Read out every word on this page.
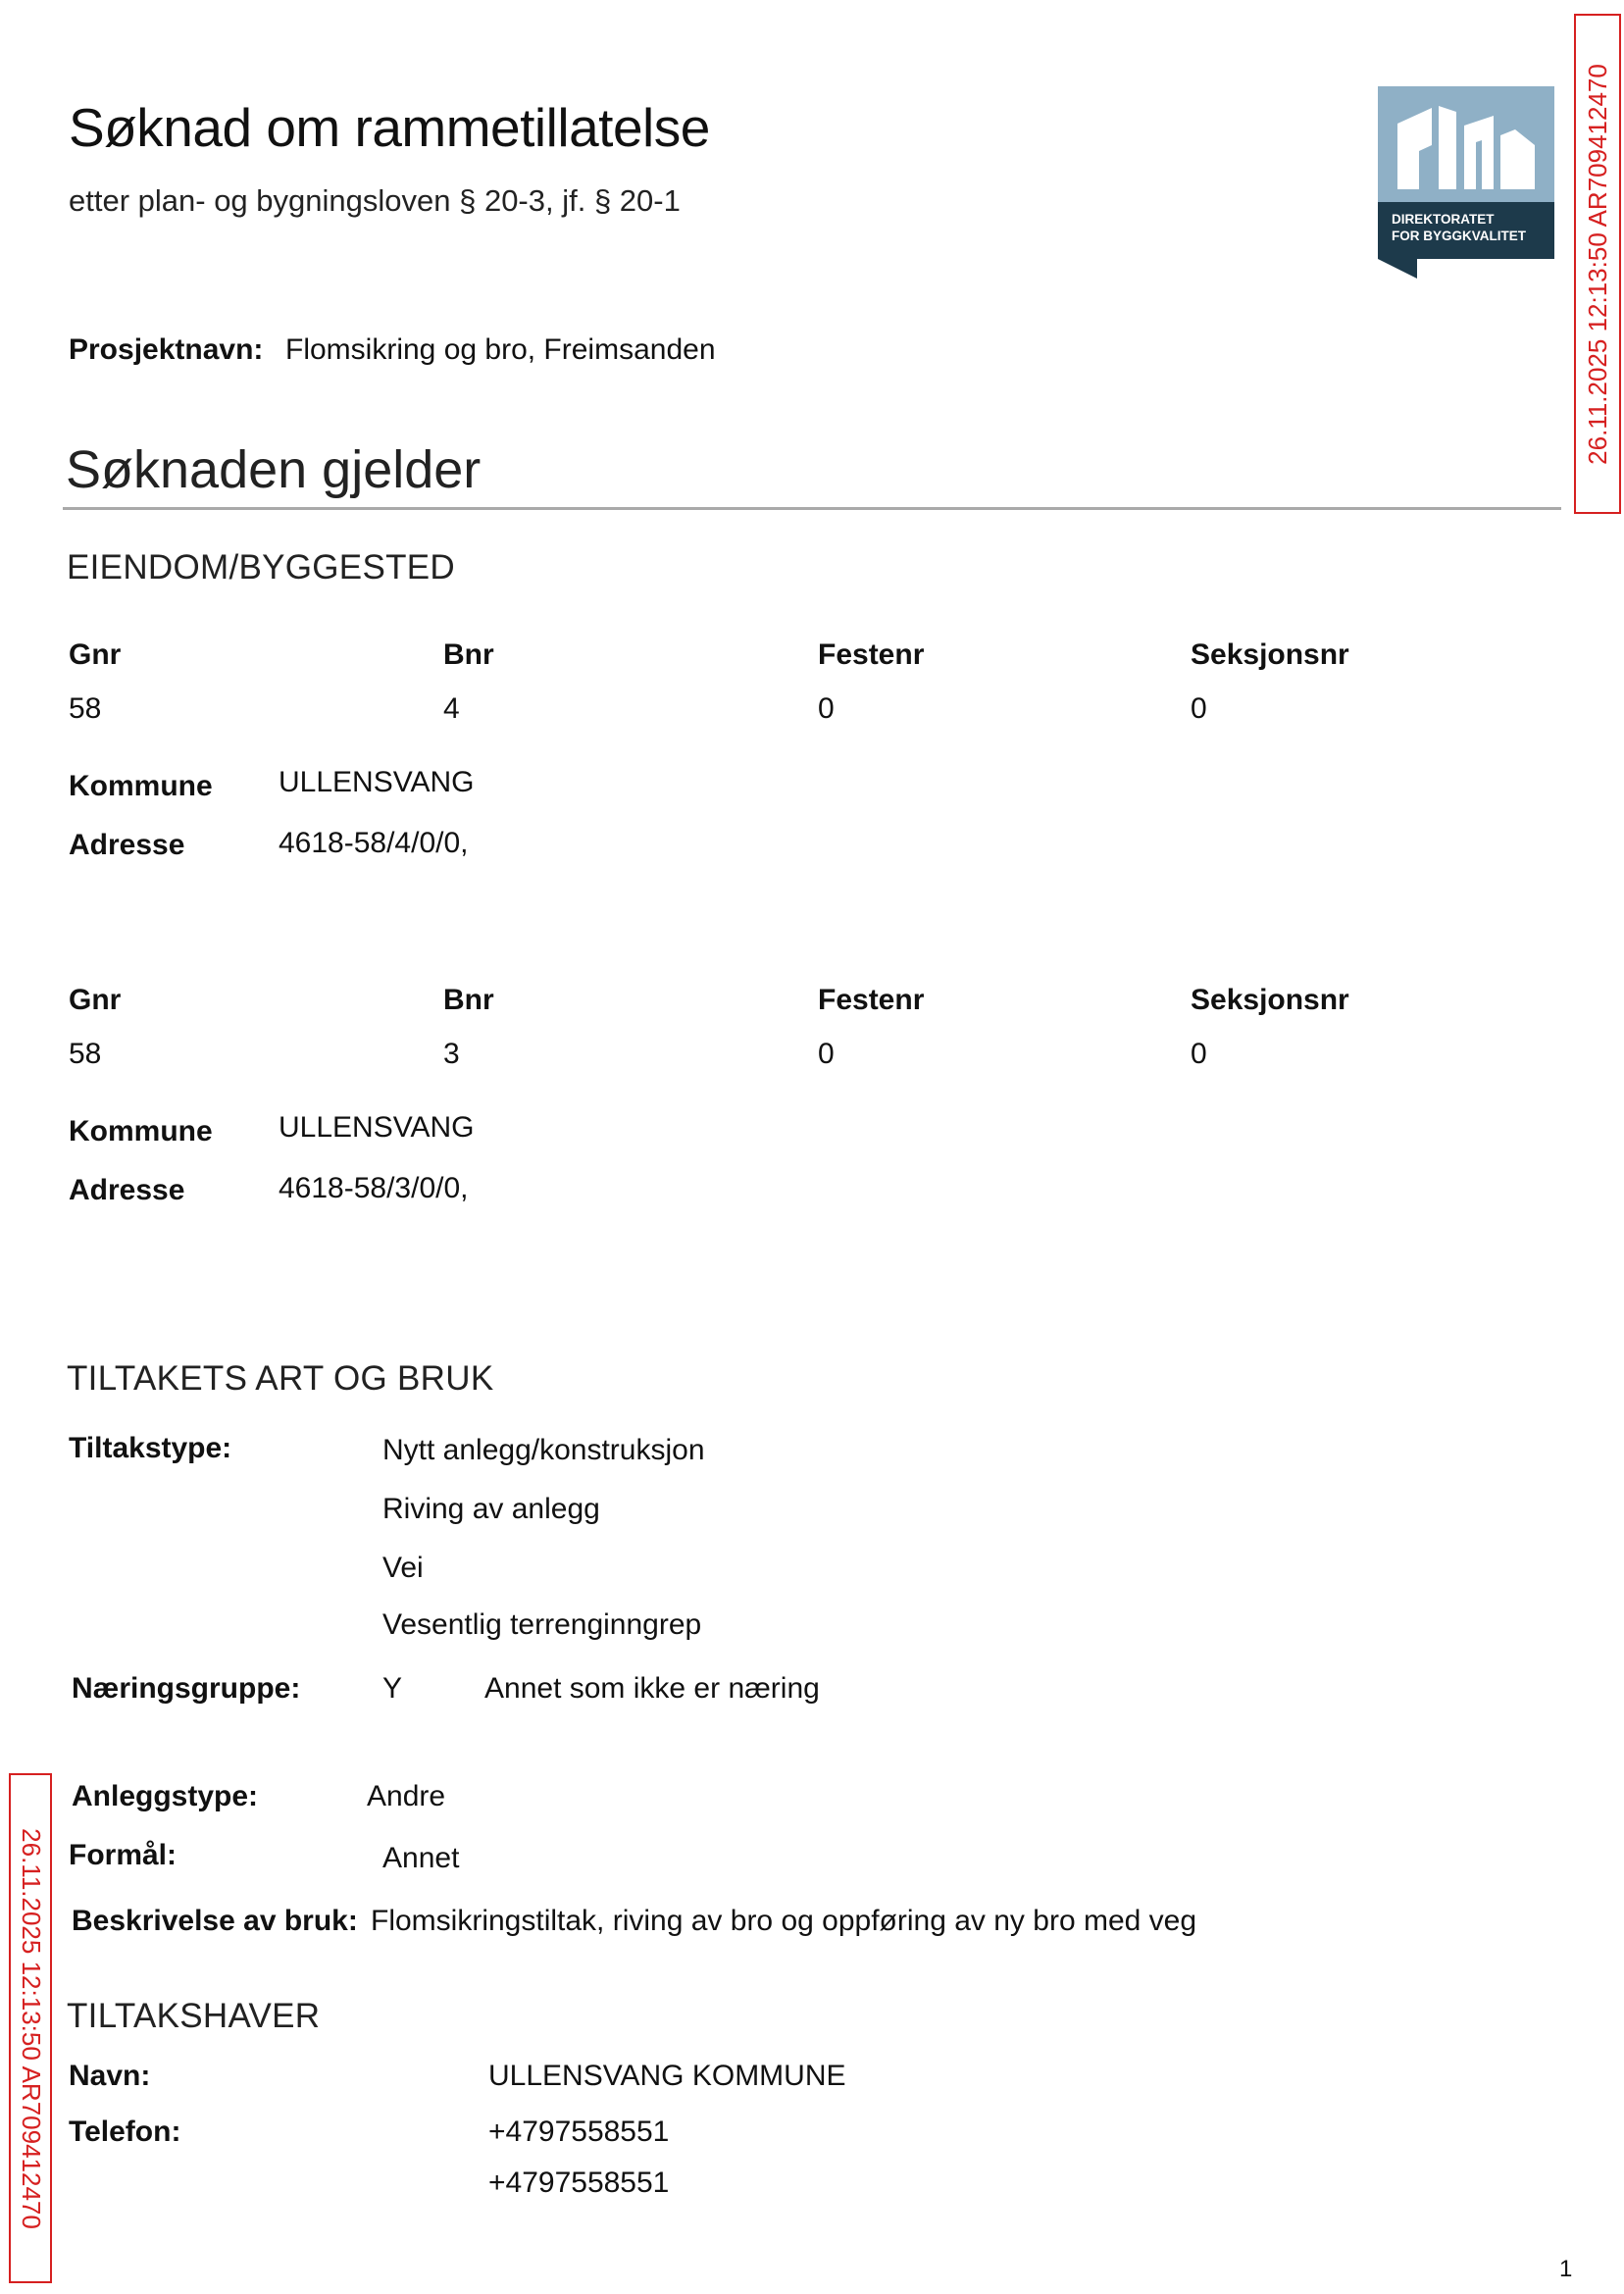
Søknad om rammetillatelse
etter plan- og bygningsloven § 20-3, jf. § 20-1
DIREKTORATET
FOR BYGGKVALITET 26.11.2025 12:13:50 AR709412470
26.11.2025 12:13:50 AR709412470
Prosjektnavn: Flomsikring og bro, Freimsanden
Søknaden gjelder
EIENDOM/BYGGESTED
Gnr	Bnr	Festenr	Seksjonsnr
58	4	0	0
Kommune ULLENSVANG
Adresse	4618-58/4/0/0,
Gnr	Bnr	Festenr	Seksjonsnr
58	3	0	0
Kommune ULLENSVANG
Adresse	4618-58/3/0/0,
TILTAKETS ART OG BRUK
Tiltakstype:	Nytt anlegg/konstruksjon
Riving av anlegg
Vei
Vesentlig terrenginngrep
Næringsgruppe:	Y	Annet som ikke er næring
Anleggstype:	Andre
Formål:	Annet
Beskrivelse av bruk: Flomsikringstiltak, riving av bro og oppføring av ny bro med veg
TILTAKSHAVER
Navn:	ULLENSVANG KOMMUNE
Telefon:	+4797558551
+4797558551
1
